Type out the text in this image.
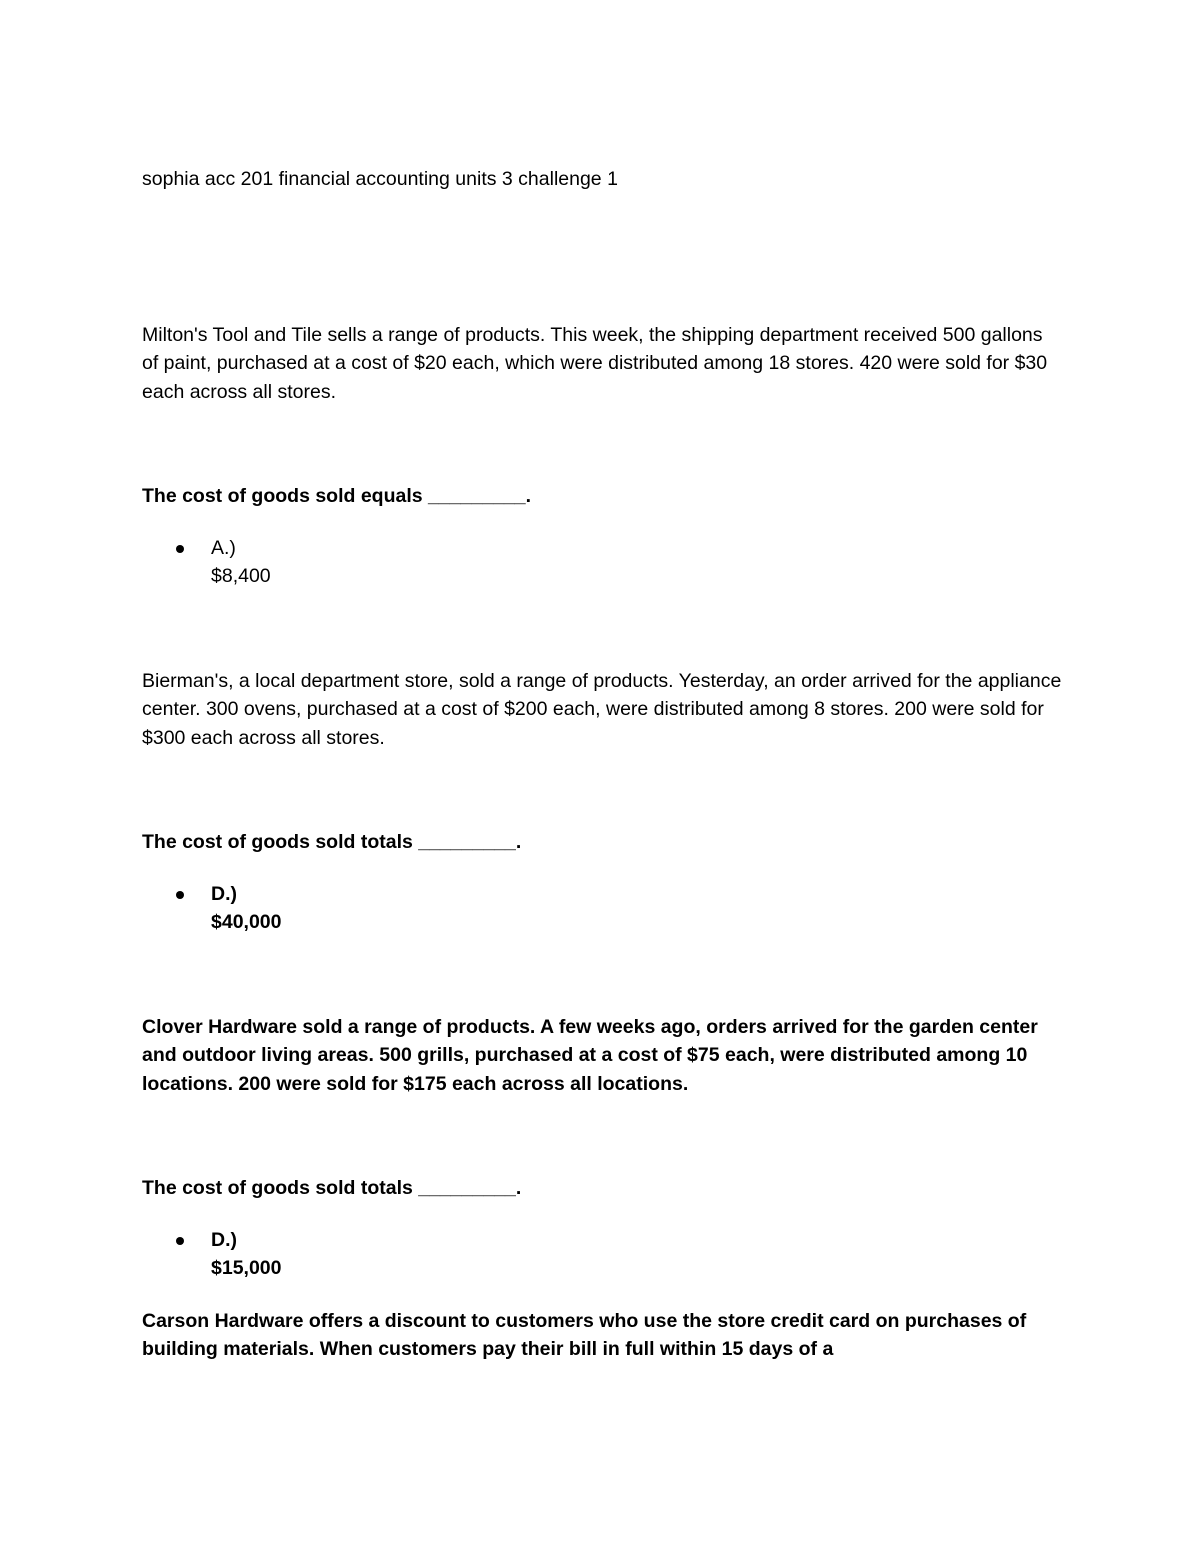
sophia acc 201 financial accounting units 3 challenge 1

Milton's Tool and Tile sells a range of products. This week, the shipping department received 500 gallons of paint, purchased at a cost of $20 each, which were distributed among 18 stores. 420 were sold for $30 each across all stores.

The cost of goods sold equals _________.

A.)
$8,400

Bierman's, a local department store, sold a range of products. Yesterday, an order arrived for the appliance center. 300 ovens, purchased at a cost of $200 each, were distributed among 8 stores. 200 were sold for $300 each across all stores.

The cost of goods sold totals _________.

D.)
$40,000

Clover Hardware sold a range of products. A few weeks ago, orders arrived for the garden center and outdoor living areas. 500 grills, purchased at a cost of $75 each, were distributed among 10 locations. 200 were sold for $175 each across all locations.

The cost of goods sold totals _________.

D.)
$15,000

Carson Hardware offers a discount to customers who use the store credit card on purchases of building materials. When customers pay their bill in full within 15 days of a
